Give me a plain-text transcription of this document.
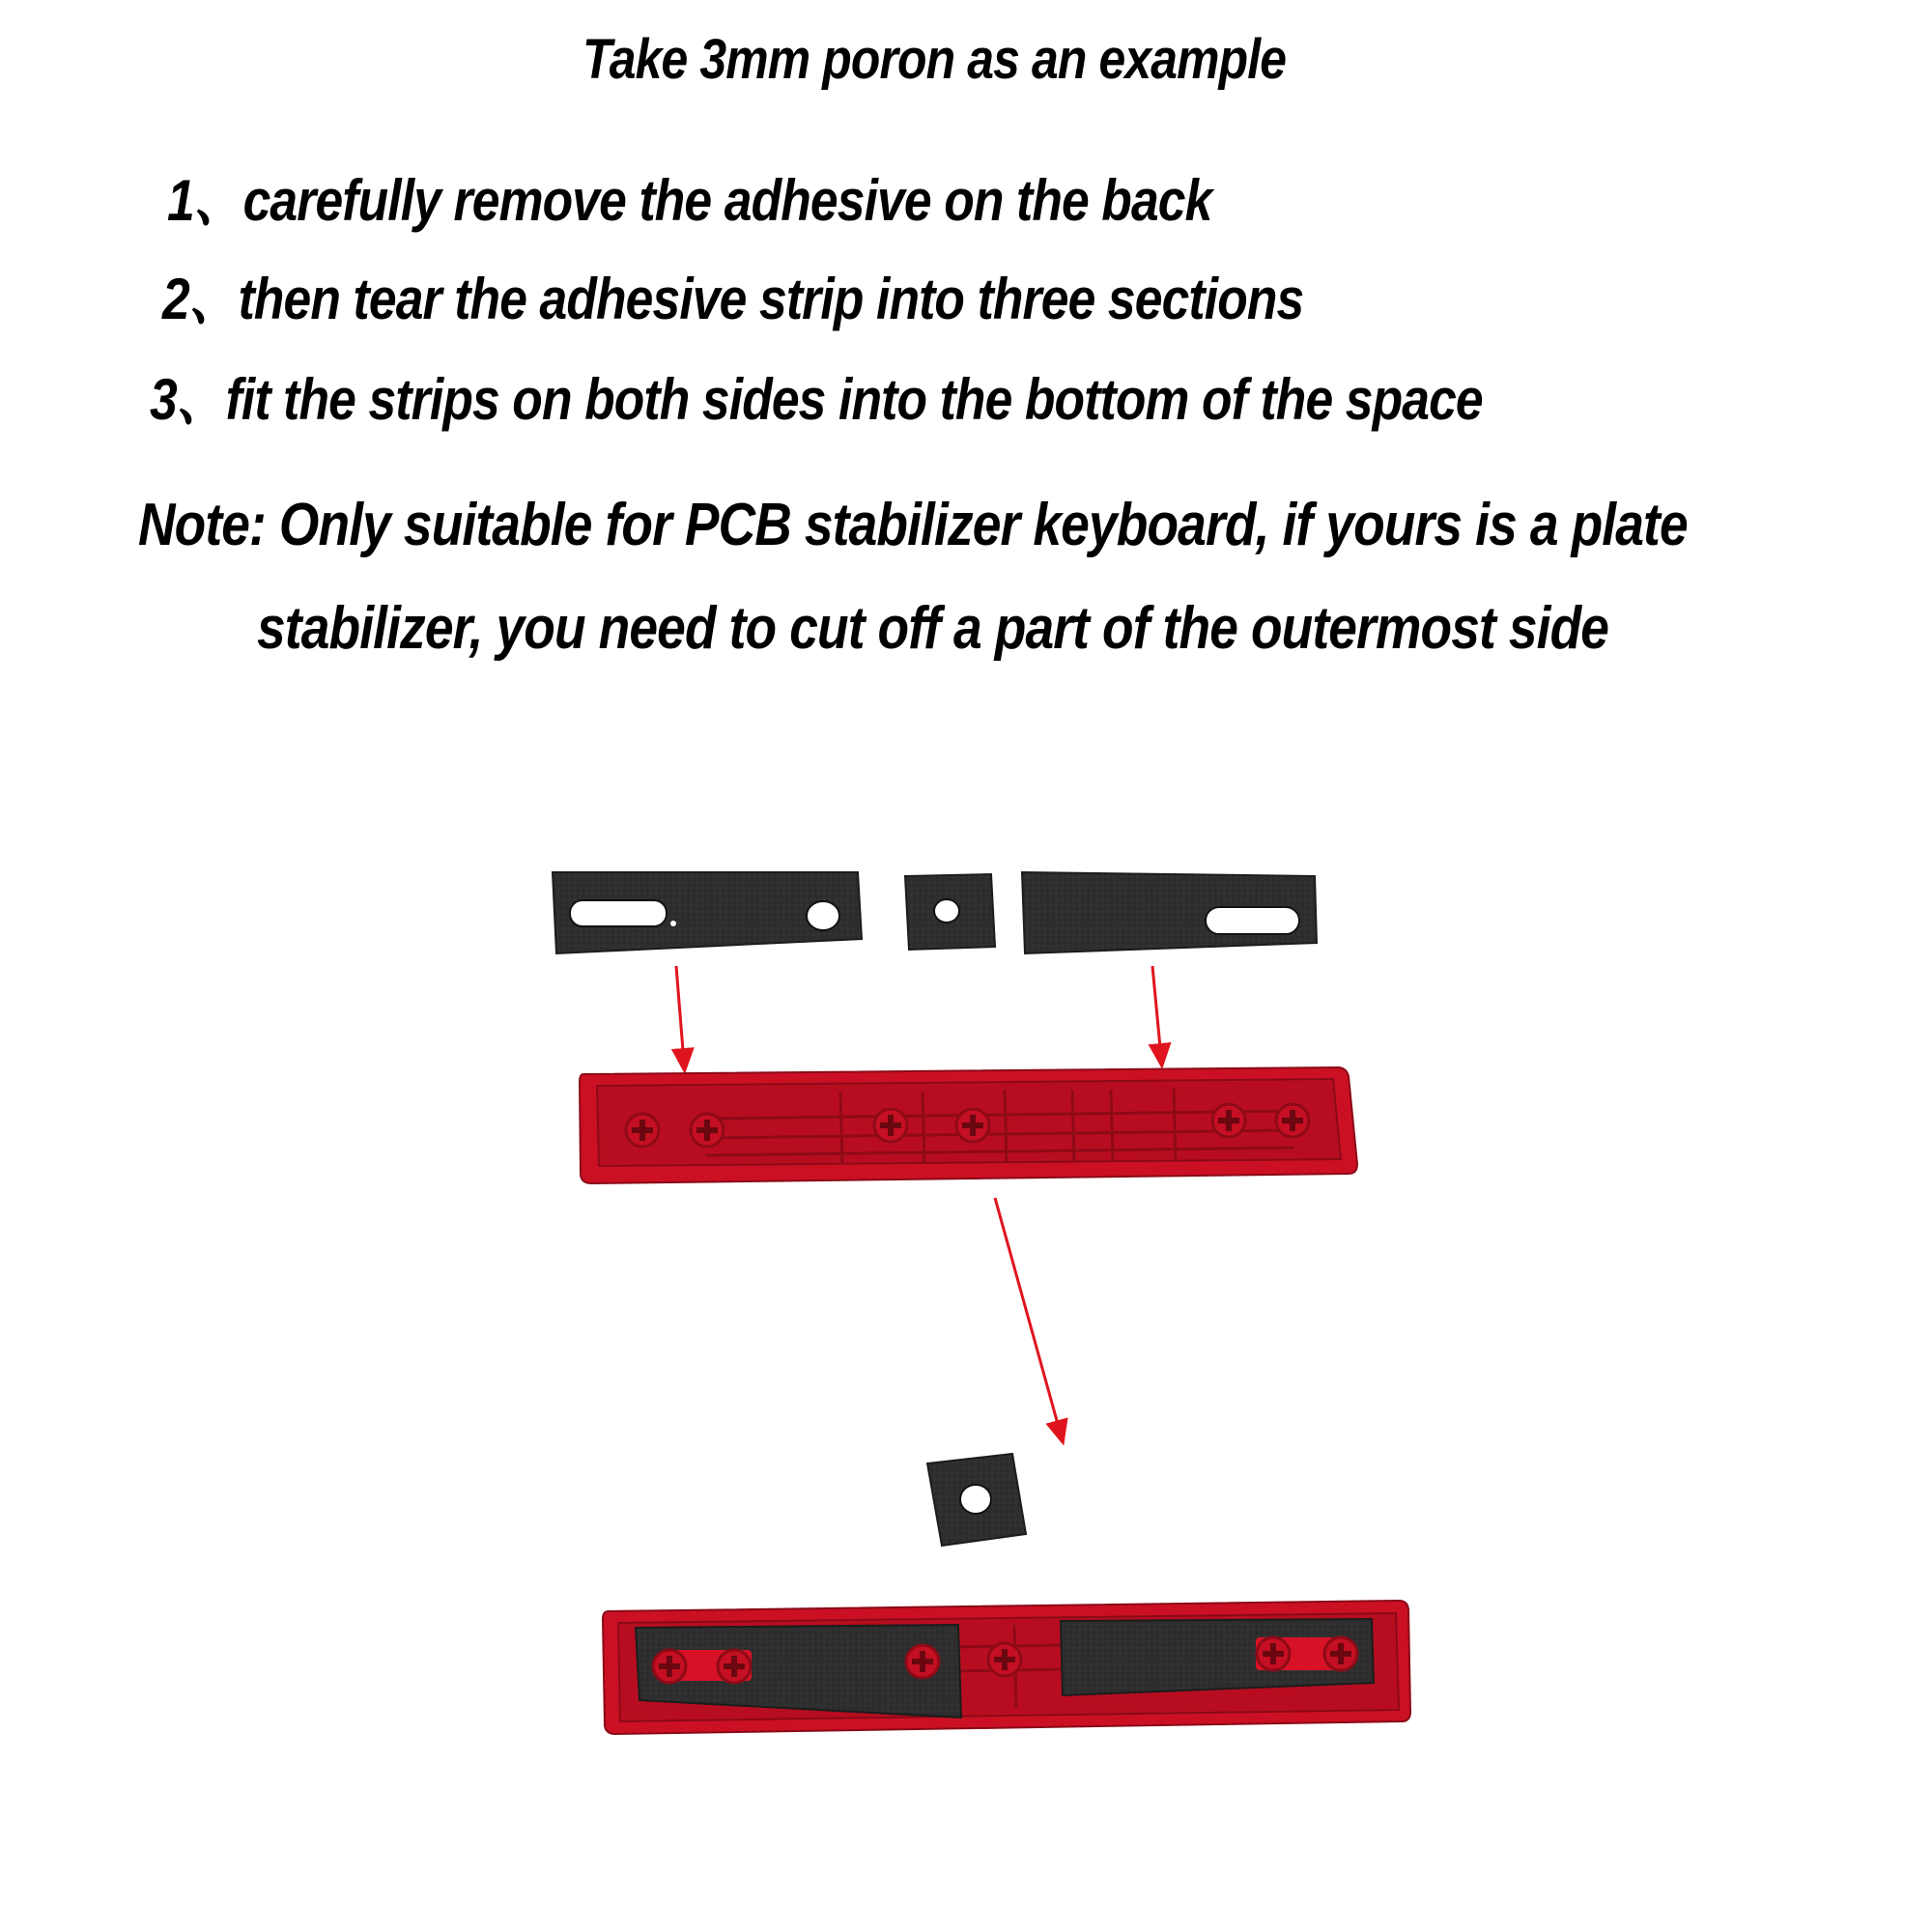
Take 3mm poron as an example
1、carefully remove the adhesive on the back
2、then tear the adhesive strip into three sections
3、fit the strips on both sides into the bottom of the space
Note: Only suitable for PCB stabilizer keyboard, if yours is a plate
stabilizer, you need to cut off a part of the outermost side
